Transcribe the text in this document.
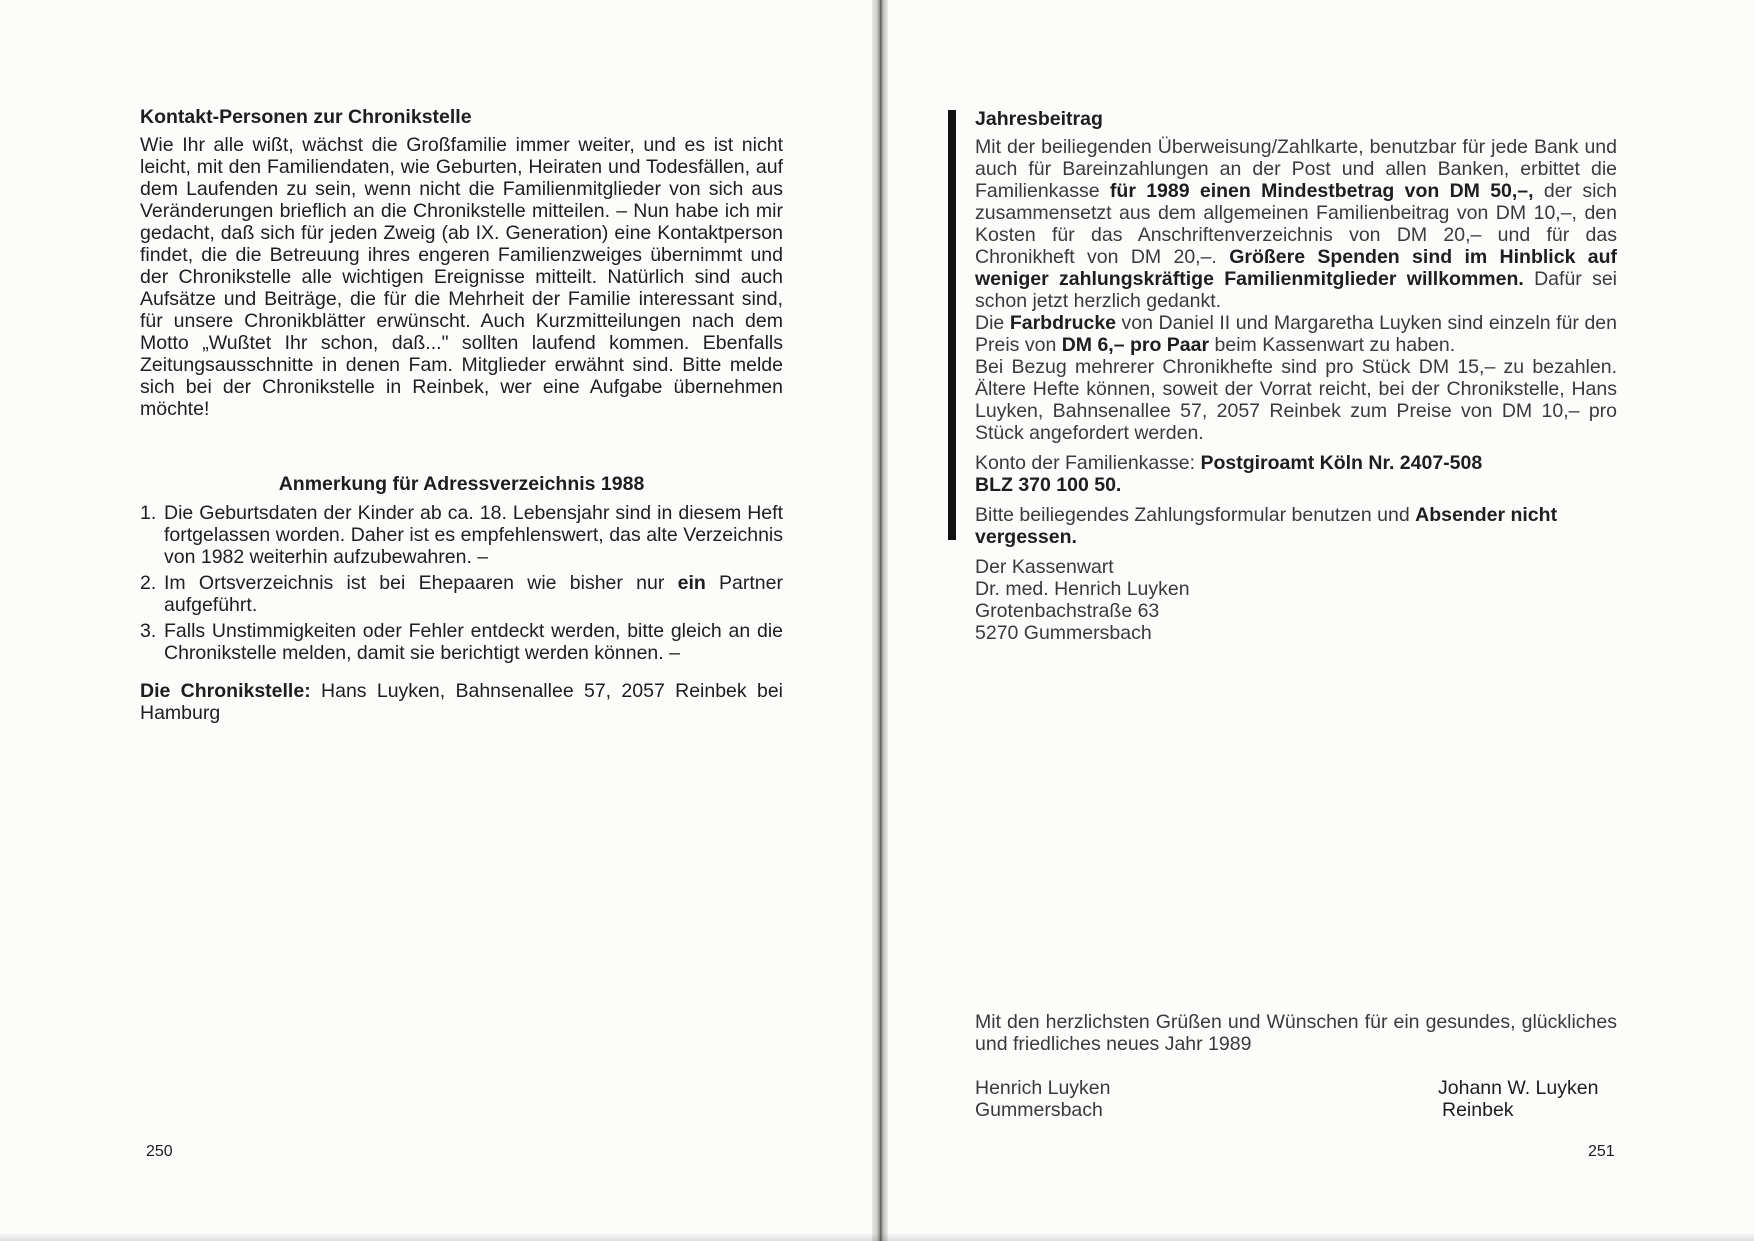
Kontakt-Personen zur Chronikstelle
Wie Ihr alle wißt, wächst die Großfamilie immer weiter, und es ist nicht leicht, mit den Familiendaten, wie Geburten, Heiraten und Todesfällen, auf dem Laufenden zu sein, wenn nicht die Familienmitglieder von sich aus Veränderungen brieflich an die Chronikstelle mitteilen. – Nun habe ich mir gedacht, daß sich für jeden Zweig (ab IX. Generation) eine Kontaktperson findet, die die Betreuung ihres engeren Familienzweiges übernimmt und der Chronikstelle alle wichtigen Ereignisse mitteilt. Natürlich sind auch Aufsätze und Beiträge, die für die Mehrheit der Familie interessant sind, für unsere Chronikblätter erwünscht. Auch Kurzmitteilungen nach dem Motto „Wußtet Ihr schon, daß..." sollten laufend kommen. Ebenfalls Zeitungsausschnitte in denen Fam. Mitglieder erwähnt sind. Bitte melde sich bei der Chronikstelle in Reinbek, wer eine Aufgabe übernehmen möchte!
Anmerkung für Adressverzeichnis 1988
1. Die Geburtsdaten der Kinder ab ca. 18. Lebensjahr sind in diesem Heft fortgelassen worden. Daher ist es empfehlenswert, das alte Verzeichnis von 1982 weiterhin aufzubewahren. –
2. Im Ortsverzeichnis ist bei Ehepaaren wie bisher nur ein Partner aufgeführt.
3. Falls Unstimmigkeiten oder Fehler entdeckt werden, bitte gleich an die Chronikstelle melden, damit sie berichtigt werden können. –
Die Chronikstelle: Hans Luyken, Bahnsenallee 57, 2057 Reinbek bei Hamburg
250
Jahresbeitrag
Mit der beiliegenden Überweisung/Zahlkarte, benutzbar für jede Bank und auch für Bareinzahlungen an der Post und allen Banken, erbittet die Familienkasse für 1989 einen Mindestbetrag von DM 50,–, der sich zusammensetzt aus dem allgemeinen Familienbeitrag von DM 10,–, den Kosten für das Anschriftenverzeichnis von DM 20,– und für das Chronikheft von DM 20,–. Größere Spenden sind im Hinblick auf weniger zahlungskräftige Familienmitglieder willkommen. Dafür sei schon jetzt herzlich gedankt.
Die Farbdrucke von Daniel II und Margaretha Luyken sind einzeln für den Preis von DM 6,– pro Paar beim Kassenwart zu haben.
Bei Bezug mehrerer Chronikhefte sind pro Stück DM 15,– zu bezahlen. Ältere Hefte können, soweit der Vorrat reicht, bei der Chronikstelle, Hans Luyken, Bahnsenallee 57, 2057 Reinbek zum Preise von DM 10,– pro Stück angefordert werden.
Konto der Familienkasse: Postgiroamt Köln Nr. 2407-508
BLZ 370 100 50.
Bitte beiliegendes Zahlungsformular benutzen und Absender nicht vergessen.
Der Kassenwart
Dr. med. Henrich Luyken
Grotenbachstraße 63
5270 Gummersbach
Mit den herzlichsten Grüßen und Wünschen für ein gesundes, glückliches und friedliches neues Jahr 1989
Henrich Luyken
Gummersbach
Johann W. Luyken
Reinbek
251
